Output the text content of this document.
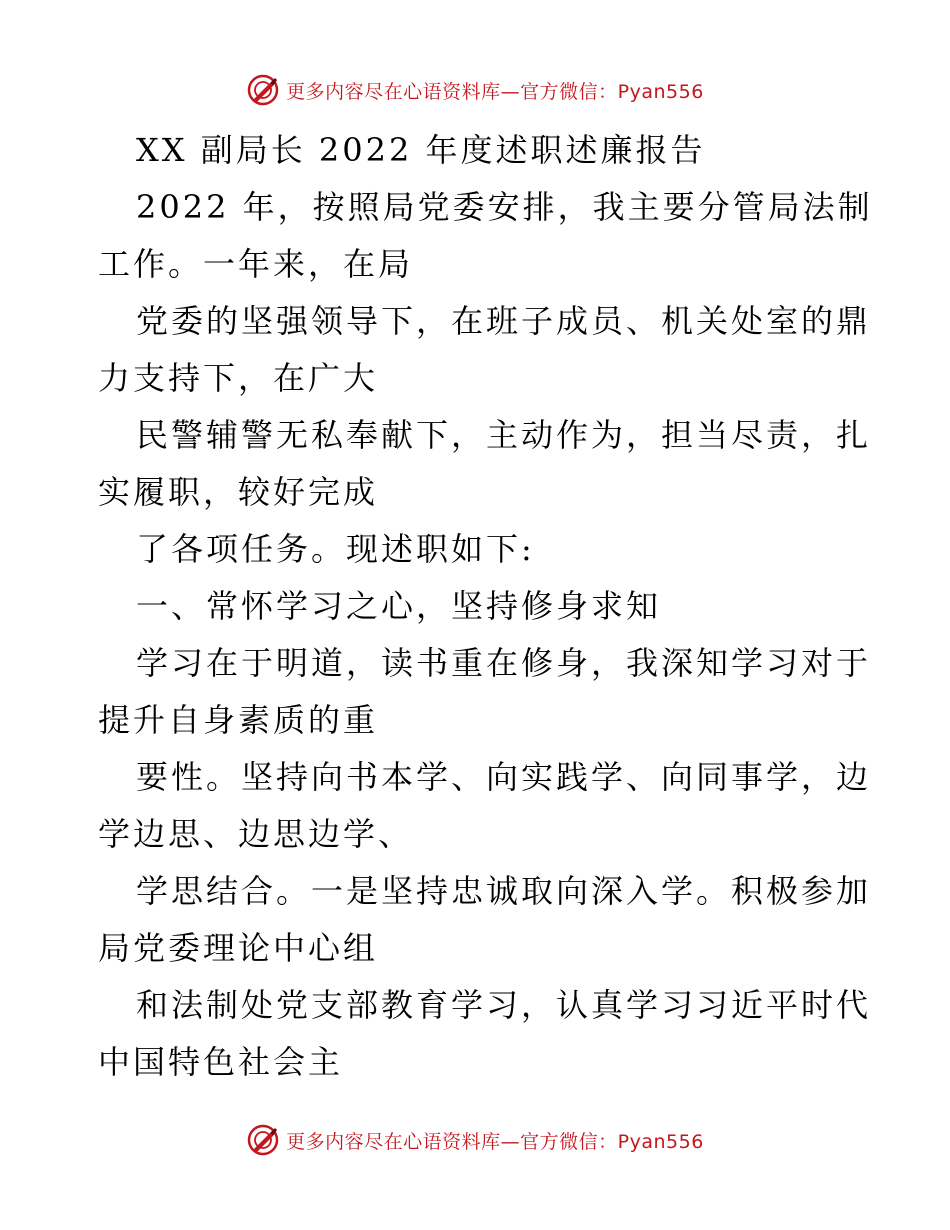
更多内容尽在心语资料库—官方微信：Pyan556
XX 副局长 2022 年度述职述廉报告
2022 年，按照局党委安排，我主要分管局法制
工作。一年来，在局
党委的坚强领导下，在班子成员、机关处室的鼎
力支持下，在广大
民警辅警无私奉献下，主动作为，担当尽责，扎
实履职，较好完成
了各项任务。现述职如下:
一、常怀学习之心，坚持修身求知
学习在于明道，读书重在修身，我深知学习对于
提升自身素质的重
要性。坚持向书本学、向实践学、向同事学，边
学边思、边思边学、
学思结合。一是坚持忠诚取向深入学。积极参加
局党委理论中心组
和法制处党支部教育学习，认真学习习近平时代
中国特色社会主
更多内容尽在心语资料库—官方微信：Pyan556
